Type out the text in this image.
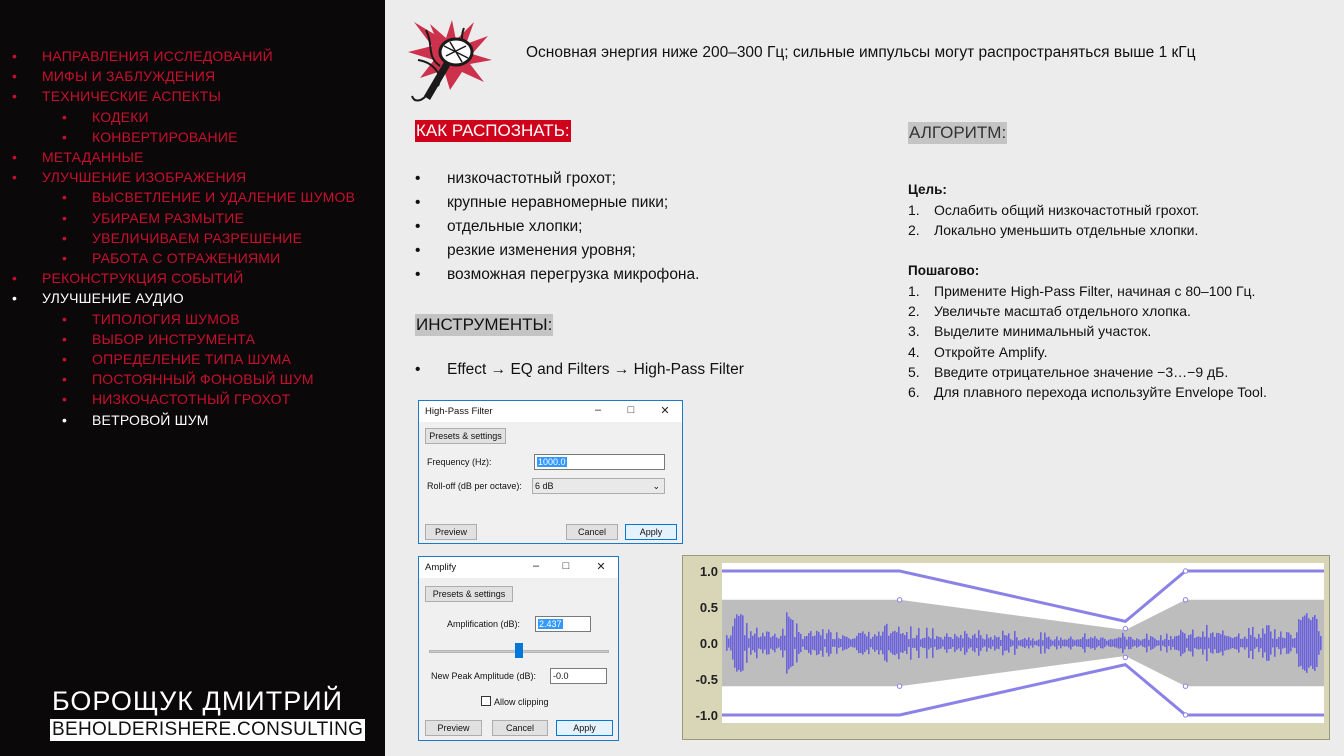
• НАПРАВЛЕНИЯ ИССЛЕДОВАНИЙ
• МИФЫ И ЗАБЛУЖДЕНИЯ
• ТЕХНИЧЕСКИЕ АСПЕКТЫ
• КОДЕКИ
• КОНВЕРТИРОВАНИЕ
• МЕТАДАННЫЕ
• УЛУЧШЕНИЕ ИЗОБРАЖЕНИЯ
• ВЫСВЕТЛЕНИЕ И УДАЛЕНИЕ ШУМОВ
• УБИРАЕМ РАЗМЫТИЕ
• УВЕЛИЧИВАЕМ РАЗРЕШЕНИЕ
• РАБОТА С ОТРАЖЕНИЯМИ
• РЕКОНСТРУКЦИЯ СОБЫТИЙ
• УЛУЧШЕНИЕ АУДИО
• ТИПОЛОГИЯ ШУМОВ
• ВЫБОР ИНСТРУМЕНТА
• ОПРЕДЕЛЕНИЕ ТИПА ШУМА
• ПОСТОЯННЫЙ ФОНОВЫЙ ШУМ
• НИЗКОЧАСТОТНЫЙ ГРОХОТ
• ВЕТРОВОЙ ШУМ
БОРОЩУК ДМИТРИЙ
BEHOLDERISHERE.CONSULTING
Основная энергия ниже 200–300 Гц; сильные импульсы могут распространяться выше 1 кГц
КАК РАСПОЗНАТЬ:
• низкочастотный грохот;
• крупные неравномерные пики;
• отдельные хлопки;
• резкие изменения уровня;
• возможная перегрузка микрофона.
ИНСТРУМЕНТЫ:
• Effect → EQ and Filters → High-Pass Filter
АЛГОРИТМ:
Цель:
1. Ослабить общий низкочастотный грохот.
2. Локально уменьшить отдельные хлопки.
Пошагово:
1. Примените High-Pass Filter, начиная с 80–100 Гц.
2. Увеличьте масштаб отдельного хлопка.
3. Выделите минимальный участок.
4. Откройте Amplify.
5. Введите отрицательное значение −3…−9 дБ.
6. Для плавного перехода используйте Envelope Tool.
High-Pass Filter	–	□	✕
Presets & settings
Frequency (Hz):	1000.0
Roll-off (dB per octave):	6 dB	⌄
Preview	Cancel	Apply
Amplify	–	□	✕
Presets & settings
Amplification (dB):	2.437
New Peak Amplitude (dB):	-0.0
Allow clipping
Preview	Cancel	Apply
1.0
0.5
0.0
-0.5
-1.0
